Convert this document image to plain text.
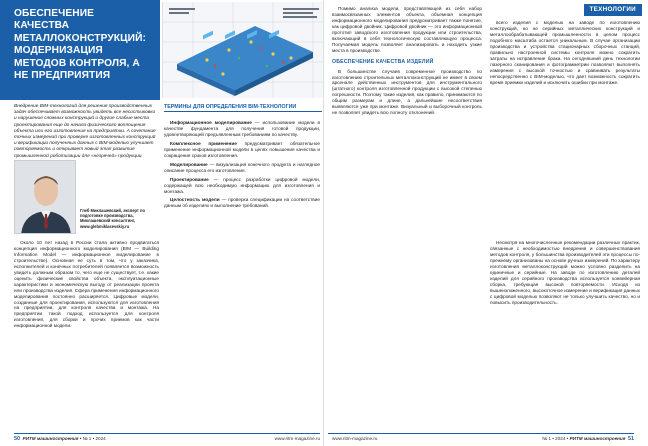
ОБЕСПЕЧЕНИЕ КАЧЕСТВА МЕТАЛЛОКОНСТРУКЦИЙ: МОДЕРНИЗАЦИЯ МЕТОДОВ КОНТРОЛЯ, А НЕ ПРЕДПРИЯТИЯ
Внедрение BIM-технологий для решения производственных задач обеспечивает возможность увидеть все несостыковки и нарушения сложных конструкций и другие слабые места проектирования еще до начала физического воплощения объекта или его изготовления на предприятии. А сочетание точных измерений при проверке изготовленных конструкций и верификации полученных данных с BIM-моделью улучшает повторяемость и открывает новый этап развития промышленной роботизации для «незрячей» продукции.
Глеб Миклашевский, эксперт по подготовке производства, Миклашевский консалтинг, www.glebmiklasevskiy.ru

Около 10 лет назад в России стала активно продвигаться концепция информационного моделирования (BIM — Building Information Model — информационное моделирование в строительстве). Основная ее суть в том, что у заказчика, исполнителей и конечных потребителей появляется возможность увидеть должным образом то, чего еще не существует, т.е. какие оценить физические свойства объекта, эксплуатационные характеристики и экономическую выгоду от реализации проекта или производства изделия. Сфера применения информационного моделирования постоянно расширяется. Цифровые модели, созданные для проектирования, используются для изготовления на предприятии, для контроля качества и монтажа. На предприятии такой подход используется для контроля изготовления, для сборки и прочих приемов как части информационной модели.

ТЕРМИНЫ ДЛЯ ОПРЕДЕЛЕНИЯ BIM-ТЕХНОЛОГИИ

Информационное моделирование — использование модели в качестве фундамента для получения готовой продукции, удовлетворяющей предъявленным требованиям по качеству.

Комплексное применение предусматривает обязательное применение информационной модели в целях повышения качества и сокращения сроков изготовления.

Моделирование — визуализация конечного продукта и наглядное описание процесса его изготовления.

Проектирование — процесс разработки цифровой модели, содержащей всю необходимую информацию для изготовления и монтажа.

Целостность модели — проверка спецификации на соответствие данным об изделиях и выполнение требований.

50 РИТМ машиностроения • № 1 • 2024	www.ritm-magazine.ru
ТЕХНОЛОГИИ

Помимо анализа модели, представляющей из себя набор взаимосвязанных элементов объекта, объемная концепция информационного моделирования предусматривает также понятие, как цифровой двойник. Цифровой двойник — это информационный прототип заводского изготовления продукции или строительства, включающий в себя технологическую составляющую процесса. Получаемая модель позволяет анализировать и находить узкие места в производстве.

ОБЕСПЕЧЕНИЕ КАЧЕСТВА ИЗДЕЛИЙ

В большинстве случаев современное производство по изготовлению строительных металлоконструкций не имеет в своем арсенале действенных инструментов для инструментального (штатного) контроля изготовленной продукции с высокой степенью погрешности. Поэтому такие изделия, как правило, принимаются по общим размерам и длине, а дальнейшие несоответствия выявляются уже при монтаже. Визуальный и выборочный контроль не позволяет увидеть всю полноту отклонений.

всего изделия с моделью на заводе по изготовлению конструкций, но не серийных металлических конструкций и металлообрабатывающей промышленности в целом процесс подобного масштаба остается уникальным. В случае организации производства и устройства стационарных сборочных станций, правильно настроенной системы контроля можно сократить затраты на исправление брака. На сегодняшний день технологии лазерного сканирования и фотограмметрии позволяют выполнять измерения с высокой точностью и сравнивать результаты непосредственно с BIM-моделью, что дает возможность сократить время приемки изделий и исключить ошибки при монтаже.

Несмотря на многочисленные рекомендации различных практик, связанные с необходимостью внедрения и совершенствования методов контроля, у большинства производителей эти процессы по-прежнему организованы на основе ручных измерений. По характеру изготовления металлоконструкций можно условно разделить на единичные и серийные. На заводе по изготовлению деталей изделий для серийного производства используется конвейерная сборка, требующая высокой повторяемости. Исходя из вышеизложенного, высокоточное измерение и верификация данных с цифровой моделью позволяют не только улучшить качество, но и повысить производительность.

www.ritm-magazine.ru	№ 1 • 2024 • РИТМ машиностроения 51
